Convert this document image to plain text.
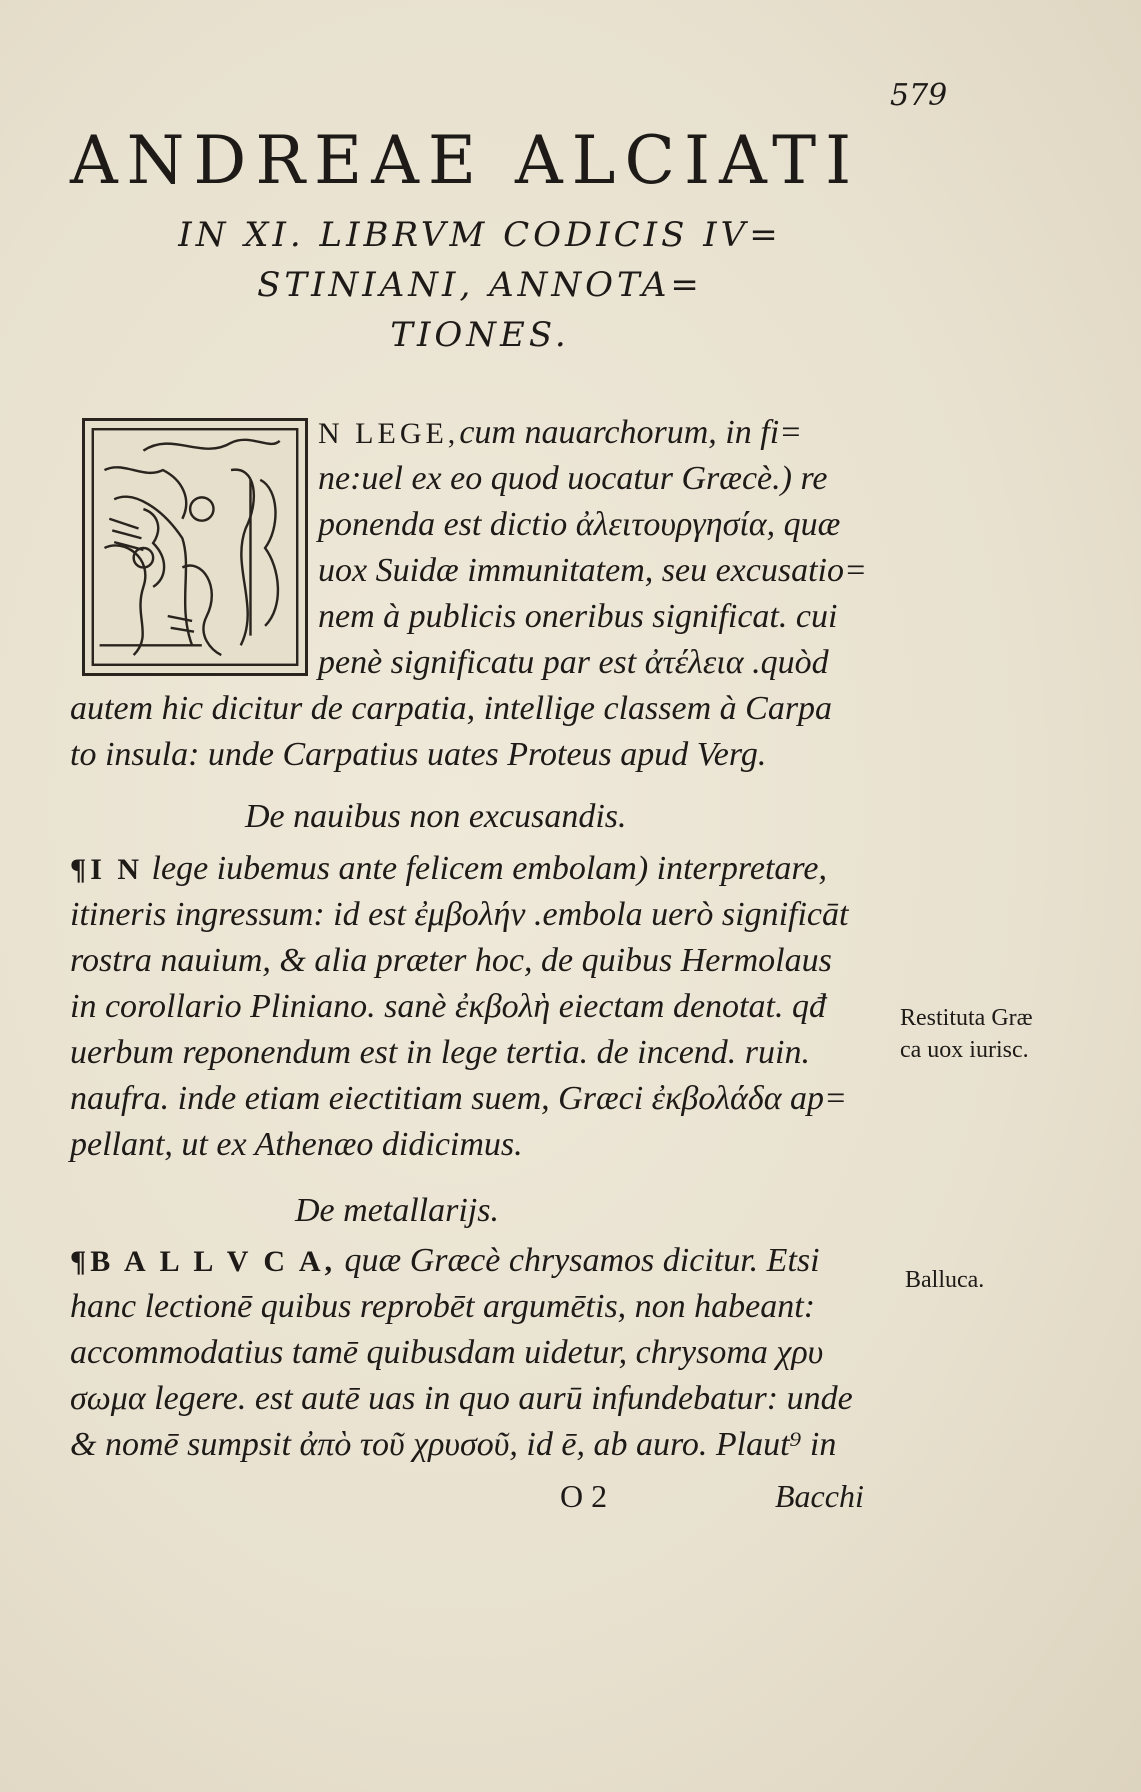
579
ANDREAE ALCIATI
IN XI. LIBRVM CODICIS IV=
STINIANI, ANNOTA=
TIONES.
N LEGE,cum nauarchorum, in fi=
ne:uel ex eo quod uocatur Græcè.) re
ponenda est dictio ἀλειτουργησία, quæ
uox Suidæ immunitatem, seu excusatio=
nem à publicis oneribus significat. cui
penè significatu par est ἀτέλεια .quòd
autem hic dicitur de carpatia, intellige classem à Carpa
to insula: unde Carpatius uates Proteus apud Verg.
De nauibus non excusandis.
¶I N lege iubemus ante felicem embolam) interpretare,
itineris ingressum: id est ἐμβολήν .embola uerò significāt
rostra nauium, & alia præter hoc, de quibus Hermolaus
in corollario Pliniano. sanè ἐκβολὴ eiectam denotat. qđ
uerbum reponendum est in lege tertia. de incend. ruin.
naufra. inde etiam eiectitiam suem, Græci ἐκβολάδα ap=
pellant, ut ex Athenæo didicimus.
Restituta Græ
ca uox iurisc.
De metallarijs.
¶B A L L V C A, quæ Græcè chrysamos dicitur. Etsi
hanc lectionē quibus reprobēt argumētis, non habeant:
accommodatius tamē quibusdam uidetur, chrysoma χρυ
σωμα legere. est autē uas in quo aurū infundebatur: unde
& nomē sumpsit ἀπὸ τοῦ χρυσοῦ, id ē, ab auro. Plaut⁹ in
Balluca.
O 2	Bacchi
